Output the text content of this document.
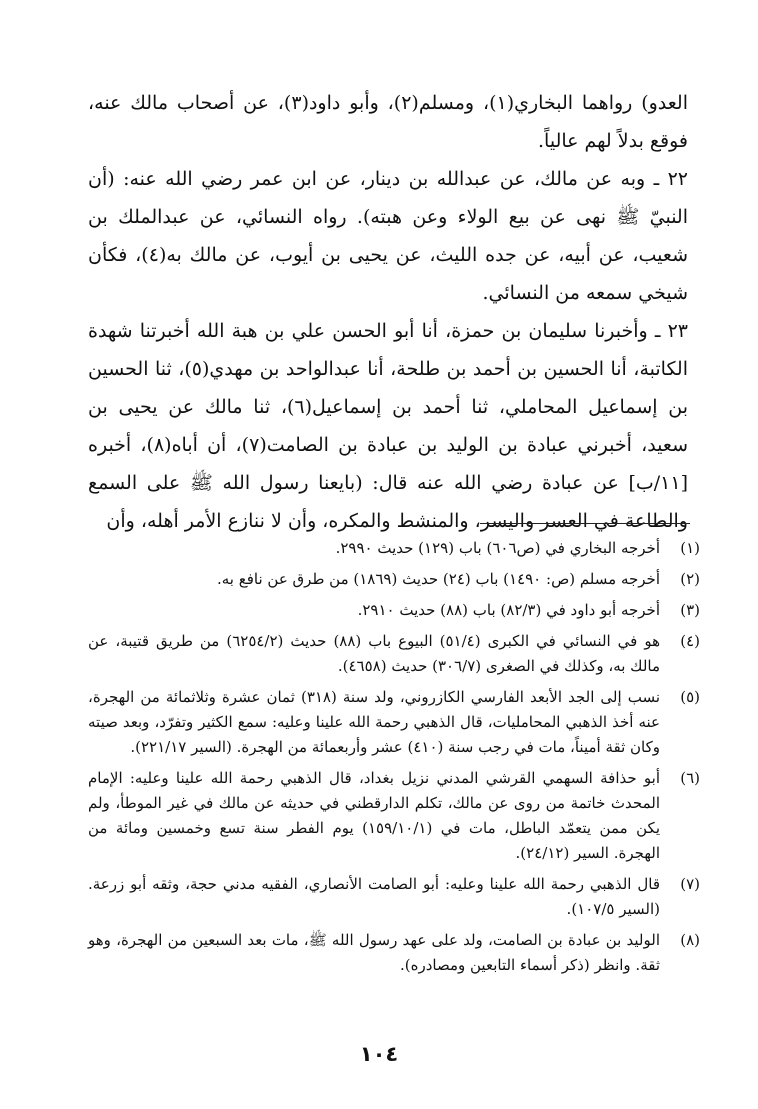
العدو) رواهما البخاري(١)، ومسلم(٢)، وأبو داود(٣)، عن أصحاب مالك عنه، فوقع بدلاً لهم عالياً.

٢٢ ـ وبه عن مالك، عن عبدالله بن دينار، عن ابن عمر رضي الله عنه: (أن النبيّ ﷺ نهى عن بيع الولاء وعن هبته). رواه النسائي، عن عبدالملك بن شعيب، عن أبيه، عن جده الليث، عن يحيى بن أيوب، عن مالك به(٤)، فكأن شيخي سمعه من النسائي.

٢٣ ـ وأخبرنا سليمان بن حمزة، أنا أبو الحسن علي بن هبة الله أخبرتنا شهدة الكاتبة، أنا الحسين بن أحمد بن طلحة، أنا عبدالواحد بن مهدي(٥)، ثنا الحسين بن إسماعيل المحاملي، ثنا أحمد بن إسماعيل(٦)، ثنا مالك عن يحيى بن سعيد، أخبرني عبادة بن الوليد بن عبادة بن الصامت(٧)، أن أباه(٨)، أخبره [١١/ب] عن عبادة رضي الله عنه قال: (بايعنا رسول الله ﷺ على السمع والطاعة في العسر واليسر، والمنشط والمكره، وأن لا ننازع الأمر أهله، وأن

(١)
أخرجه البخاري في (ص٦٠٦) باب (١٢٩) حديث ٢٩٩٠.
(٢)
أخرجه مسلم (ص: ١٤٩٠) باب (٢٤) حديث (١٨٦٩) من طرق عن نافع به.
(٣)
أخرجه أبو داود في (٨٢/٣) باب (٨٨) حديث ٢٩١٠.
(٤)
هو في النسائي في الكبرى (٥١/٤) البيوع باب (٨٨) حديث (٦٢٥٤/٢) من طريق قتيبة، عن مالك به، وكذلك في الصغرى (٣٠٦/٧) حديث (٤٦٥٨).
(٥)
نسب إلى الجد الأبعد الفارسي الكازروني، ولد سنة (٣١٨) ثمان عشرة وثلاثمائة من الهجرة، عنه أخذ الذهبي المحامليات، قال الذهبي رحمة الله علينا وعليه: سمع الكثير وتفرّد، وبعد صيته وكان ثقة أميناً، مات في رجب سنة (٤١٠) عشر وأربعمائة من الهجرة. (السير ٢٢١/١٧).
(٦)
أبو حذافة السهمي القرشي المدني نزيل بغداد، قال الذهبي رحمة الله علينا وعليه: الإمام المحدث خاتمة من روى عن مالك، تكلم الدارقطني في حديثه عن مالك في غير الموطأ، ولم يكن ممن يتعمّد الباطل، مات في (١٥٩/١٠/١) يوم الفطر سنة تسع وخمسين ومائة من الهجرة. السير (٢٤/١٢).
(٧)
قال الذهبي رحمة الله علينا وعليه: أبو الصامت الأنصاري، الفقيه مدني حجة، وثقه أبو زرعة. (السير ١٠٧/٥).
(٨)
الوليد بن عبادة بن الصامت، ولد على عهد رسول الله ﷺ، مات بعد السبعين من الهجرة، وهو ثقة. وانظر (ذكر أسماء التابعين ومصادره).
١٠٤
